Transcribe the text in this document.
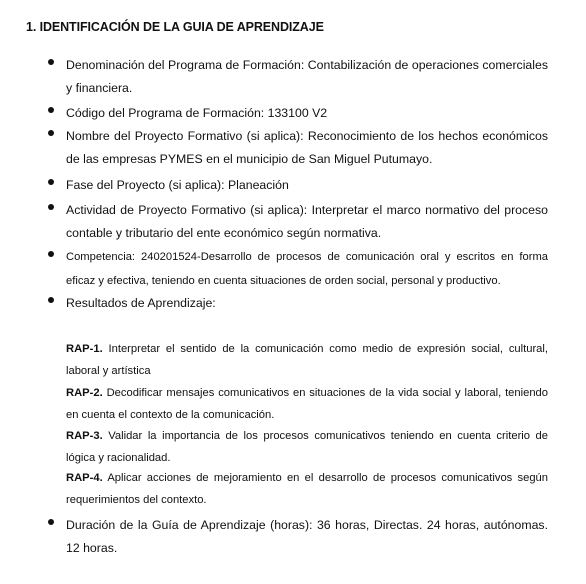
1. IDENTIFICACIÓN DE LA GUIA DE APRENDIZAJE
Denominación del Programa de Formación: Contabilización de operaciones comerciales y financiera.
Código del Programa de Formación: 133100 V2
Nombre del Proyecto Formativo (si aplica): Reconocimiento de los hechos económicos de las empresas PYMES en el municipio de San Miguel Putumayo.
Fase del Proyecto (si aplica): Planeación
Actividad de Proyecto Formativo (si aplica): Interpretar el marco normativo del proceso contable y tributario del ente económico según normativa.
Competencia: 240201524-Desarrollo de procesos de comunicación oral y escritos en forma eficaz y efectiva, teniendo en cuenta situaciones de orden social, personal y productivo.
Resultados de Aprendizaje:
RAP-1. Interpretar el sentido de la comunicación como medio de expresión social, cultural, laboral y artística
RAP-2. Decodificar mensajes comunicativos en situaciones de la vida social y laboral, teniendo en cuenta el contexto de la comunicación.
RAP-3. Validar la importancia de los procesos comunicativos teniendo en cuenta criterio de lógica y racionalidad.
RAP-4. Aplicar acciones de mejoramiento en el desarrollo de procesos comunicativos según requerimientos del contexto.
Duración de la Guía de Aprendizaje (horas): 36 horas, Directas. 24 horas, autónomas. 12 horas.
